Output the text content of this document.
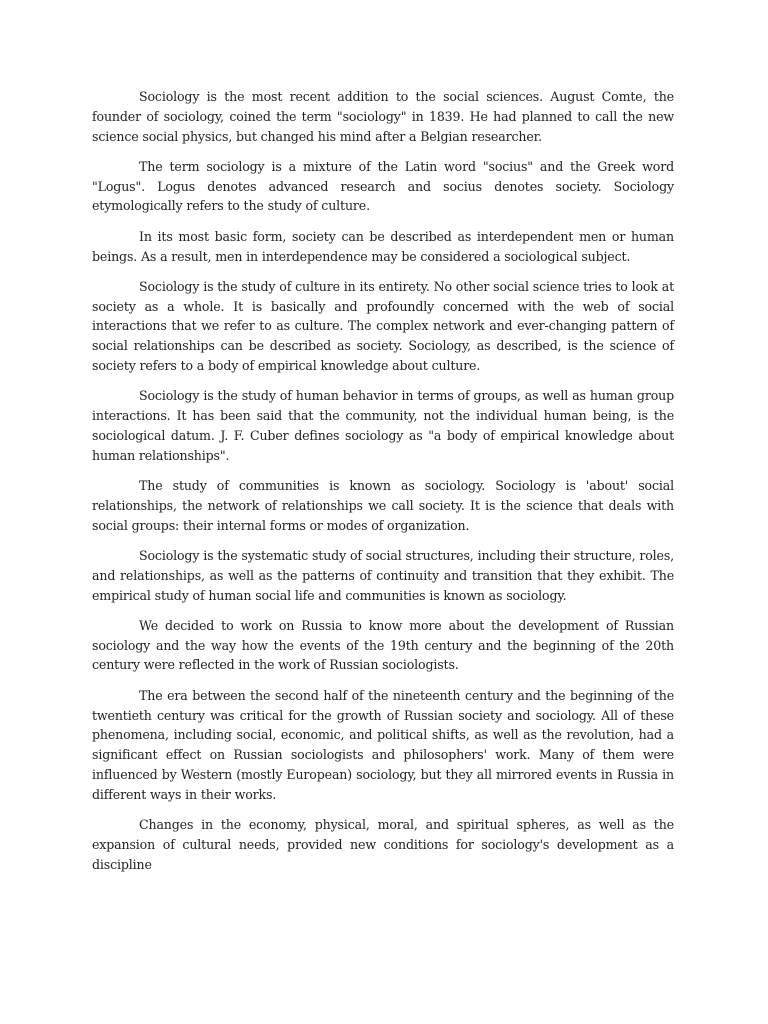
Sociology is the most recent addition to the social sciences. August Comte, the founder of sociology, coined the term "sociology" in 1839. He had planned to call the new science social physics, but changed his mind after a Belgian researcher.

The term sociology is a mixture of the Latin word "socius" and the Greek word "Logus". Logus denotes advanced research and socius denotes society. Sociology etymologically refers to the study of culture.

In its most basic form, society can be described as interdependent men or human beings. As a result, men in interdependence may be considered a sociological subject.

Sociology is the study of culture in its entirety. No other social science tries to look at society as a whole. It is basically and profoundly concerned with the web of social interactions that we refer to as culture. The complex network and ever-changing pattern of social relationships can be described as society. Sociology, as described, is the science of society refers to a body of empirical knowledge about culture.

Sociology is the study of human behavior in terms of groups, as well as human group interactions. It has been said that the community, not the individual human being, is the sociological datum. J. F. Cuber defines sociology as "a body of empirical knowledge about human relationships".

The study of communities is known as sociology. Sociology is 'about' social relationships, the network of relationships we call society. It is the science that deals with social groups: their internal forms or modes of organization.

Sociology is the systematic study of social structures, including their structure, roles, and relationships, as well as the patterns of continuity and transition that they exhibit. The empirical study of human social life and communities is known as sociology.

We decided to work on Russia to know more about the development of Russian sociology and the way how the events of the 19th century and the beginning of the 20th century were reflected in the work of Russian sociologists.

The era between the second half of the nineteenth century and the beginning of the twentieth century was critical for the growth of Russian society and sociology. All of these phenomena, including social, economic, and political shifts, as well as the revolution, had a significant effect on Russian sociologists and philosophers' work. Many of them were influenced by Western (mostly European) sociology, but they all mirrored events in Russia in different ways in their works.

Changes in the economy, physical, moral, and spiritual spheres, as well as the expansion of cultural needs, provided new conditions for sociology's development as a discipline
